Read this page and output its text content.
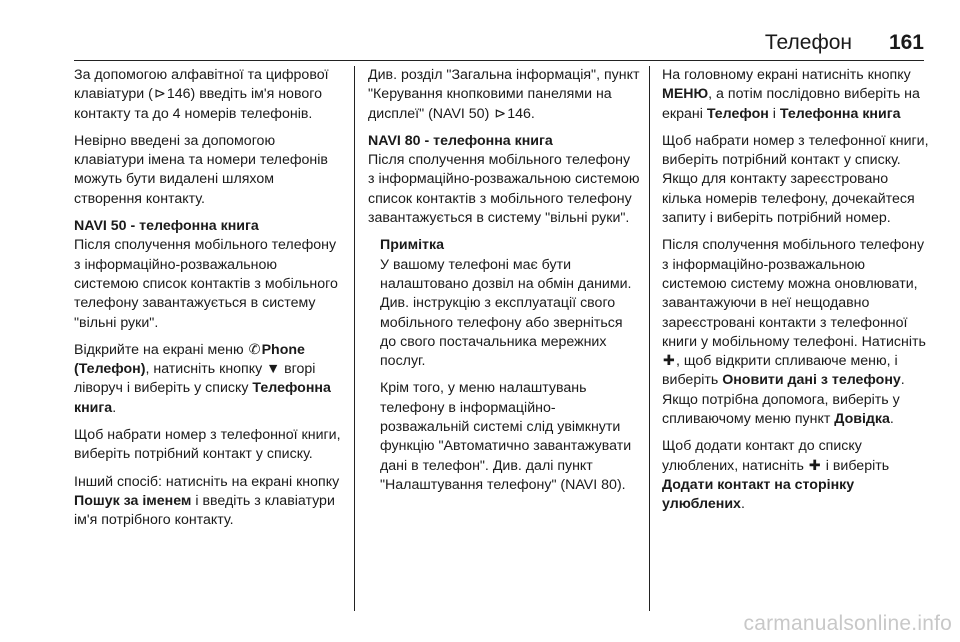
Телефон 161

За допомогою алфавітної та цифрової клавіатури (⊳146) введіть ім'я нового контакту та до 4 номерів телефонів.

Невірно введені за допомогою клавіатури імена та номери телефонів можуть бути видалені шляхом створення контакту.

NAVI 50 - телефонна книга

Після сполучення мобільного телефону з інформаційно-розважальною системою список контактів з мобільного телефону завантажується в систему "вільні руки".

Відкрийте на екрані меню ✆Phone (Телефон), натисніть кнопку ▼ вгорі ліворуч і виберіть у списку Телефонна книга.

Щоб набрати номер з телефонної книги, виберіть потрібний контакт у списку.

Інший спосіб: натисніть на екрані кнопку Пошук за іменем і введіть з клавіатури ім'я потрібного контакту.

Див. розділ "Загальна інформація", пункт "Керування кнопковими панелями на дисплеї" (NAVI 50) ⊳146.

NAVI 80 - телефонна книга

Після сполучення мобільного телефону з інформаційно-розважальною системою список контактів з мобільного телефону завантажується в систему "вільні руки".

Примітка

У вашому телефоні має бути налаштовано дозвіл на обмін даними. Див. інструкцію з експлуатації свого мобільного телефону або зверніться до свого постачальника мережних послуг.

Крім того, у меню налаштувань телефону в інформаційно-розважальній системі слід увімкнути функцію "Автоматично завантажувати дані в телефон". Див. далі пункт "Налаштування телефону" (NAVI 80).

На головному екрані натисніть кнопку МЕНЮ, а потім послідовно виберіть на екрані Телефон і Телефонна книга

Щоб набрати номер з телефонної книги, виберіть потрібний контакт у списку. Якщо для контакту зареєстровано кілька номерів телефону, дочекайтеся запиту і виберіть потрібний номер.

Після сполучення мобільного телефону з інформаційно-розважальною системою систему можна оновлювати, завантажуючи в неї нещодавно зареєстровані контакти з телефонної книги у мобільному телефоні. Натисніть ✚, щоб відкрити спливаюче меню, і виберіть Оновити дані з телефону. Якщо потрібна допомога, виберіть у спливаючому меню пункт Довідка.

Щоб додати контакт до списку улюблених, натисніть ✚ і виберіть Додати контакт на сторінку улюблених.

carmanualsonline.info
